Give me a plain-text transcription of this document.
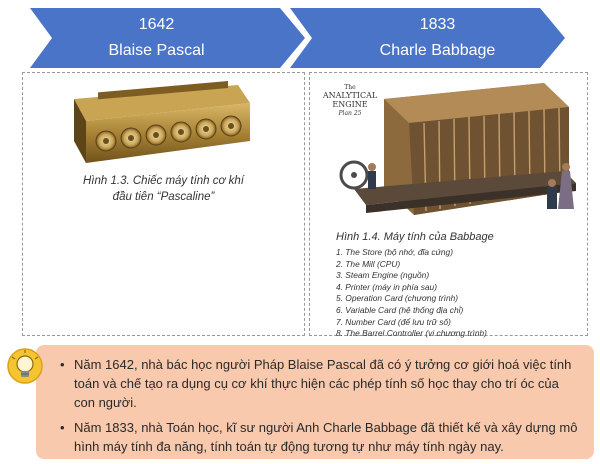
1642
Blaise Pascal
1833
Charle Babbage
Hình 1.3. Chiếc máy tính cơ khí
đầu tiên “Pascaline”
The
ANALYTICAL
ENGINE
Plan 25
Hình 1.4. Máy tính của Babbage
1. The Store (bộ nhớ, đĩa cứng)
2. The Mill (CPU)
3. Steam Engine (nguồn)
4. Printer (máy in phía sau)
5. Operation Card (chương trình)
6. Variable Card (hệ thống địa chỉ)
7. Number Card (để lưu trữ số)
8. The Barrel Controller (vi chương trình)
• Năm 1642, nhà bác học người Pháp Blaise Pascal đã có ý tưởng cơ giới hoá việc tính toán và chế tạo ra dụng cụ cơ khí thực hiện các phép tính số học thay cho trí óc của con người.
• Năm 1833, nhà Toán học, kĩ sư người Anh Charle Babbage đã thiết kế và xây dựng mô hình máy tính đa năng, tính toán tự động tương tự như máy tính ngày nay.
